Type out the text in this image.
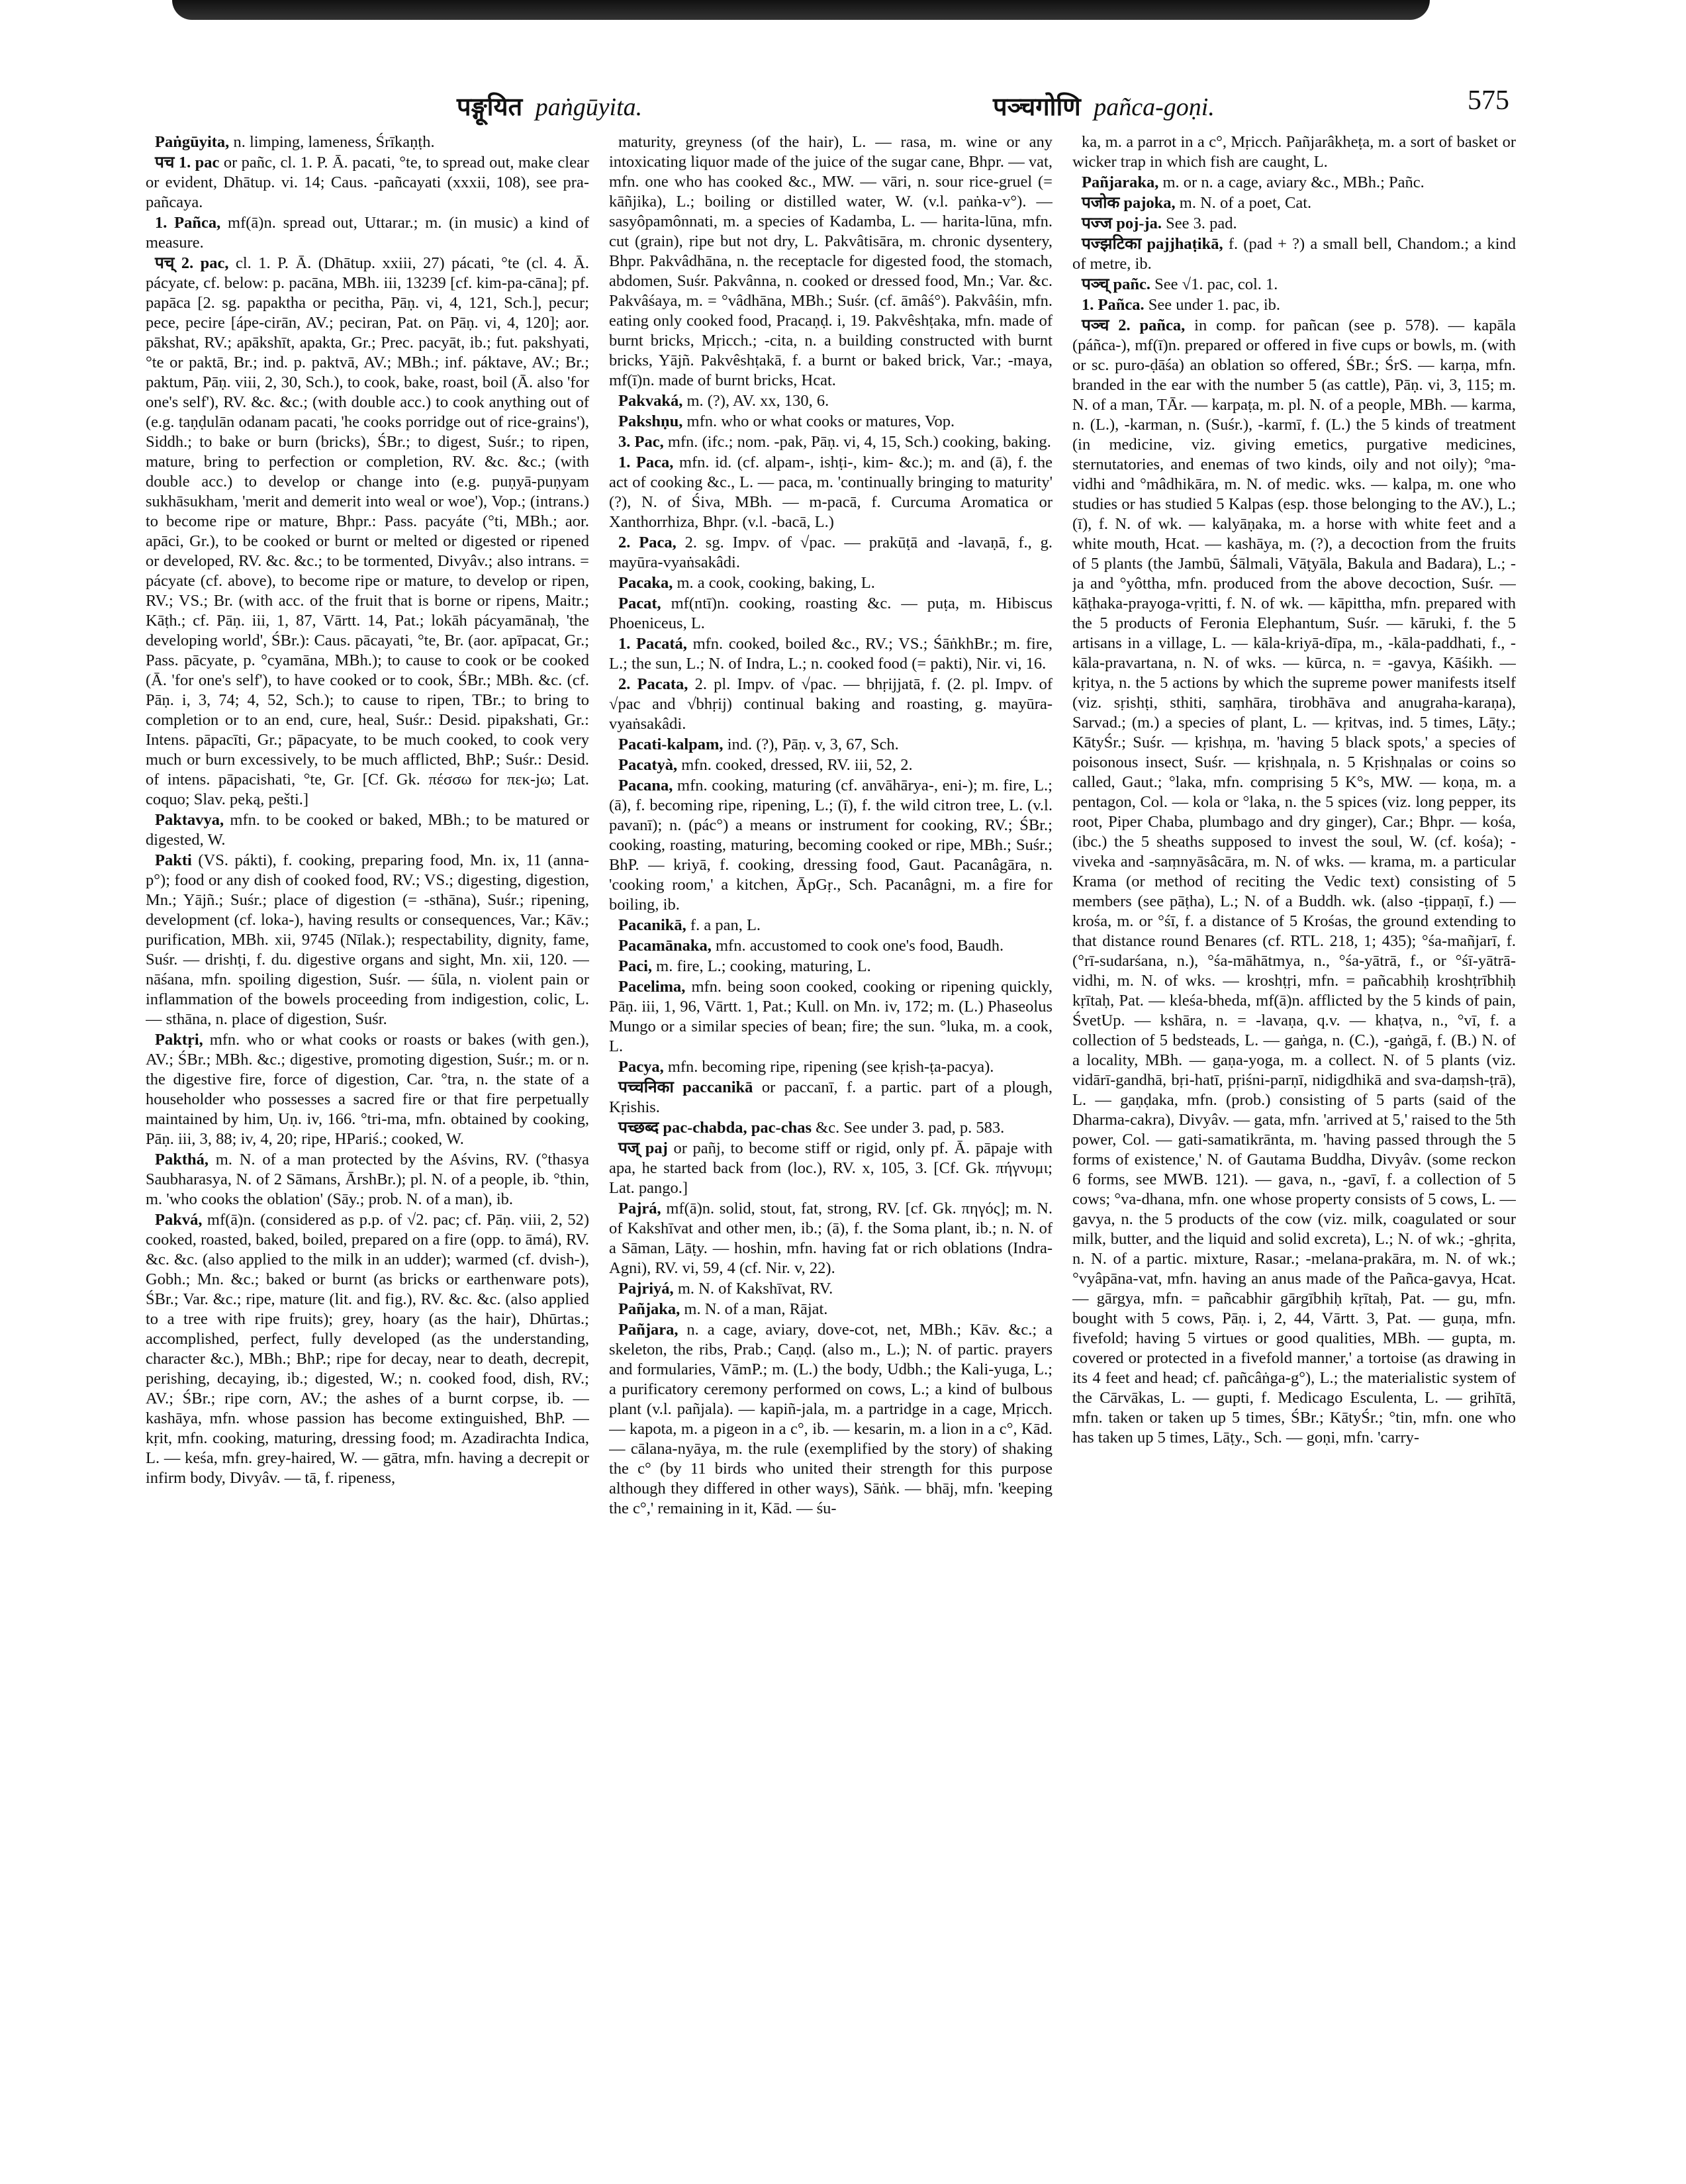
पङ्गूयित paṅgūyita.	पञ्चगोणि pañca-goṇi.	575

Paṅgūyita, n. limping, lameness, Śrīkaṇṭh.

पच 1. pac or pañc, cl. 1. P. Ā. pacati, °te, to spread out, make clear or evident, Dhātup. vi. 14; Caus. -pañcayati (xxxii, 108), see pra-pañcaya.

1. Pañca, mf(ā)n. spread out, Uttarar.; m. (in music) a kind of measure.

पच् 2. pac, cl. 1. P. Ā. (Dhātup. xxiii, 27) pácati, °te (cl. 4. Ā. pácyate, cf. below: p. pacāna, MBh. iii, 13239 [cf. kim-pa-cāna]; pf. papāca [2. sg. papaktha or pecitha, Pāṇ. vi, 4, 121, Sch.], pecur; pece, pecire [ápe-cirān, AV.; peciran, Pat. on Pāṇ. vi, 4, 120]; aor. pākshat, RV.; apākshīt, apakta, Gr.; Prec. pacyāt, ib.; fut. pakshyati, °te or paktā, Br.; ind. p. paktvā, AV.; MBh.; inf. páktave, AV.; Br.; paktum, Pāṇ. viii, 2, 30, Sch.), to cook, bake, roast, boil (Ā. also 'for one's self'), RV. &c. &c.; (with double acc.) to cook anything out of (e.g. taṇḍulān odanam pacati, 'he cooks porridge out of rice-grains'), Siddh.; to bake or burn (bricks), ŚBr.; to digest, Suśr.; to ripen, mature, bring to perfection or completion, RV. &c. &c.; (with double acc.) to develop or change into (e.g. puṇyā-puṇyam sukhāsukham, 'merit and demerit into weal or woe'), Vop.; (intrans.) to become ripe or mature, Bhpr.: Pass. pacyáte (°ti, MBh.; aor. apāci, Gr.), to be cooked or burnt or melted or digested or ripened or developed, RV. &c. &c.; to be tormented, Divyâv.; also intrans. = pácyate (cf. above), to become ripe or mature, to develop or ripen, RV.; VS.; Br. (with acc. of the fruit that is borne or ripens, Maitr.; Kāṭh.; cf. Pāṇ. iii, 1, 87, Vārtt. 14, Pat.; lokāh pácyamānaḥ, 'the developing world', ŚBr.): Caus. pācayati, °te, Br. (aor. apīpacat, Gr.; Pass. pācyate, p. °cyamāna, MBh.); to cause to cook or be cooked (Ā. 'for one's self'), to have cooked or to cook, ŚBr.; MBh. &c. (cf. Pāṇ. i, 3, 74; 4, 52, Sch.); to cause to ripen, TBr.; to bring to completion or to an end, cure, heal, Suśr.: Desid. pipakshati, Gr.: Intens. pāpacīti, Gr.; pāpacyate, to be much cooked, to cook very much or burn excessively, to be much afflicted, BhP.; Suśr.: Desid. of intens. pāpacishati, °te, Gr. [Cf. Gk. πέσσω for πεκ-jω; Lat. coquo; Slav. peką, pešti.]

Paktavya, mfn. to be cooked or baked, MBh.; to be matured or digested, W.

Pakti (VS. pákti), f. cooking, preparing food, Mn. ix, 11 (anna-p°); food or any dish of cooked food, RV.; VS.; digesting, digestion, Mn.; Yājñ.; Suśr.; place of digestion (= -sthāna), Suśr.; ripening, development (cf. loka-), having results or consequences, Var.; Kāv.; purification, MBh. xii, 9745 (Nīlak.); respectability, dignity, fame, Suśr. — drishṭi, f. du. digestive organs and sight, Mn. xii, 120. — nāśana, mfn. spoiling digestion, Suśr. — śūla, n. violent pain or inflammation of the bowels proceeding from indigestion, colic, L. — sthāna, n. place of digestion, Suśr.

Paktṛi, mfn. who or what cooks or roasts or bakes (with gen.), AV.; ŚBr.; MBh. &c.; digestive, promoting digestion, Suśr.; m. or n. the digestive fire, force of digestion, Car. °tra, n. the state of a householder who possesses a sacred fire or that fire perpetually maintained by him, Uṇ. iv, 166. °tri-ma, mfn. obtained by cooking, Pāṇ. iii, 3, 88; iv, 4, 20; ripe, HPariś.; cooked, W.

Pakthá, m. N. of a man protected by the Aśvins, RV. (°thasya Saubharasya, N. of 2 Sāmans, ĀrshBr.); pl. N. of a people, ib. °thin, m. 'who cooks the oblation' (Sāy.; prob. N. of a man), ib.

Pakvá, mf(ā)n. (considered as p.p. of √2. pac; cf. Pāṇ. viii, 2, 52) cooked, roasted, baked, boiled, prepared on a fire (opp. to āmá), RV. &c. &c. (also applied to the milk in an udder); warmed (cf. dvish-), Gobh.; Mn. &c.; baked or burnt (as bricks or earthenware pots), ŚBr.; Var. &c.; ripe, mature (lit. and fig.), RV. &c. &c. (also applied to a tree with ripe fruits); grey, hoary (as the hair), Dhūrtas.; accomplished, perfect, fully developed (as the understanding, character &c.), MBh.; BhP.; ripe for decay, near to death, decrepit, perishing, decaying, ib.; digested, W.; n. cooked food, dish, RV.; AV.; ŚBr.; ripe corn, AV.; the ashes of a burnt corpse, ib. — kashāya, mfn. whose passion has become extinguished, BhP. — kṛit, mfn. cooking, maturing, dressing food; m. Azadirachta Indica, L. — keśa, mfn. grey-haired, W. — gātra, mfn. having a decrepit or infirm body, Divyâv. — tā, f. ripeness,

maturity, greyness (of the hair), L. — rasa, m. wine or any intoxicating liquor made of the juice of the sugar cane, Bhpr. — vat, mfn. one who has cooked &c., MW. — vāri, n. sour rice-gruel (= kāñjika), L.; boiling or distilled water, W. (v.l. paṅka-v°). — sasyôpamônnati, m. a species of Kadamba, L. — harita-lūna, mfn. cut (grain), ripe but not dry, L. Pakvâtisāra, m. chronic dysentery, Bhpr. Pakvâdhāna, n. the receptacle for digested food, the stomach, abdomen, Suśr. Pakvânna, n. cooked or dressed food, Mn.; Var. &c. Pakvâśaya, m. = °vâdhāna, MBh.; Suśr. (cf. āmâś°). Pakvâśin, mfn. eating only cooked food, Pracaṇḍ. i, 19. Pakvêshṭaka, mfn. made of burnt bricks, Mṛicch.; -cita, n. a building constructed with burnt bricks, Yājñ. Pakvêshṭakā, f. a burnt or baked brick, Var.; -maya, mf(ī)n. made of burnt bricks, Hcat.

Pakvaká, m. (?), AV. xx, 130, 6.

Pakshṇu, mfn. who or what cooks or matures, Vop.

3. Pac, mfn. (ifc.; nom. -pak, Pāṇ. vi, 4, 15, Sch.) cooking, baking.

1. Paca, mfn. id. (cf. alpam-, ishṭi-, kim- &c.); m. and (ā), f. the act of cooking &c., L. — paca, m. 'continually bringing to maturity' (?), N. of Śiva, MBh. — m-pacā, f. Curcuma Aromatica or Xanthorrhiza, Bhpr. (v.l. -bacā, L.)

2. Paca, 2. sg. Impv. of √pac. — prakūṭā and -lavaṇā, f., g. mayūra-vyaṅsakâdi.

Pacaka, m. a cook, cooking, baking, L.

Pacat, mf(ntī)n. cooking, roasting &c. — puṭa, m. Hibiscus Phoeniceus, L.

1. Pacatá, mfn. cooked, boiled &c., RV.; VS.; ŚāṅkhBr.; m. fire, L.; the sun, L.; N. of Indra, L.; n. cooked food (= pakti), Nir. vi, 16.

2. Pacata, 2. pl. Impv. of √pac. — bhṛijjatā, f. (2. pl. Impv. of √pac and √bhṛij) continual baking and roasting, g. mayūra-vyaṅsakâdi.

Pacati-kalpam, ind. (?), Pāṇ. v, 3, 67, Sch.

Pacatyà, mfn. cooked, dressed, RV. iii, 52, 2.

Pacana, mfn. cooking, maturing (cf. anvāhārya-, eni-); m. fire, L.; (ā), f. becoming ripe, ripening, L.; (ī), f. the wild citron tree, L. (v.l. pavanī); n. (pác°) a means or instrument for cooking, RV.; ŚBr.; cooking, roasting, maturing, becoming cooked or ripe, MBh.; Suśr.; BhP. — kriyā, f. cooking, dressing food, Gaut. Pacanâgāra, n. 'cooking room,' a kitchen, ĀpGṛ., Sch. Pacanâgni, m. a fire for boiling, ib.

Pacanikā, f. a pan, L.

Pacamānaka, mfn. accustomed to cook one's food, Baudh.

Paci, m. fire, L.; cooking, maturing, L.

Pacelima, mfn. being soon cooked, cooking or ripening quickly, Pāṇ. iii, 1, 96, Vārtt. 1, Pat.; Kull. on Mn. iv, 172; m. (L.) Phaseolus Mungo or a similar species of bean; fire; the sun. °luka, m. a cook, L.

Pacya, mfn. becoming ripe, ripening (see kṛish-ṭa-pacya).

पच्चनिका paccanikā or paccanī, f. a partic. part of a plough, Kṛishis.

पच्छब्द pac-chabda, pac-chas &c. See under 3. pad, p. 583.

पज् paj or pañj, to become stiff or rigid, only pf. Ā. pāpaje with apa, he started back from (loc.), RV. x, 105, 3. [Cf. Gk. πήγνυμι; Lat. pango.]

Pajrá, mf(ā)n. solid, stout, fat, strong, RV. [cf. Gk. πηγός]; m. N. of Kakshīvat and other men, ib.; (ā), f. the Soma plant, ib.; n. N. of a Sāman, Lāṭy. — hoshin, mfn. having fat or rich oblations (Indra-Agni), RV. vi, 59, 4 (cf. Nir. v, 22).

Pajriyá, m. N. of Kakshīvat, RV.

Pañjaka, m. N. of a man, Rājat.

Pañjara, n. a cage, aviary, dove-cot, net, MBh.; Kāv. &c.; a skeleton, the ribs, Prab.; Caṇḍ. (also m., L.); N. of partic. prayers and formularies, VāmP.; m. (L.) the body, Udbh.; the Kali-yuga, L.; a purificatory ceremony performed on cows, L.; a kind of bulbous plant (v.l. pañjala). — kapiñ-jala, m. a partridge in a cage, Mṛicch. — kapota, m. a pigeon in a c°, ib. — kesarin, m. a lion in a c°, Kād. — cālana-nyāya, m. the rule (exemplified by the story) of shaking the c° (by 11 birds who united their strength for this purpose although they differed in other ways), Sāṅk. — bhāj, mfn. 'keeping the c°,' remaining in it, Kād. — śu-

ka, m. a parrot in a c°, Mṛicch. Pañjarâkheṭa, m. a sort of basket or wicker trap in which fish are caught, L.

Pañjaraka, m. or n. a cage, aviary &c., MBh.; Pañc.

पजोक pajoka, m. N. of a poet, Cat.

पज्ज poj-ja. See 3. pad.

पज्झटिका pajjhaṭikā, f. (pad + ?) a small bell, Chandom.; a kind of metre, ib.

पञ्च् pañc. See √1. pac, col. 1.

1. Pañca. See under 1. pac, ib.

पञ्च 2. pañca, in comp. for pañcan (see p. 578). — kapāla (páñca-), mf(ī)n. prepared or offered in five cups or bowls, m. (with or sc. puro-ḍāśa) an oblation so offered, ŚBr.; ŚrS. — karṇa, mfn. branded in the ear with the number 5 (as cattle), Pāṇ. vi, 3, 115; m. N. of a man, TĀr. — karpaṭa, m. pl. N. of a people, MBh. — karma, n. (L.), -karman, n. (Suśr.), -karmī, f. (L.) the 5 kinds of treatment (in medicine, viz. giving emetics, purgative medicines, sternutatories, and enemas of two kinds, oily and not oily); °ma-vidhi and °mâdhikāra, m. N. of medic. wks. — kalpa, m. one who studies or has studied 5 Kalpas (esp. those belonging to the AV.), L.; (ī), f. N. of wk. — kalyāṇaka, m. a horse with white feet and a white mouth, Hcat. — kashāya, m. (?), a decoction from the fruits of 5 plants (the Jambū, Śālmali, Vāṭyāla, Bakula and Badara), L.; -ja and °yôttha, mfn. produced from the above decoction, Suśr. — kāṭhaka-prayoga-vṛitti, f. N. of wk. — kāpittha, mfn. prepared with the 5 products of Feronia Elephantum, Suśr. — kāruki, f. the 5 artisans in a village, L. — kāla-kriyā-dīpa, m., -kāla-paddhati, f., -kāla-pravartana, n. N. of wks. — kūrca, n. = -gavya, Kāśikh. — kṛitya, n. the 5 actions by which the supreme power manifests itself (viz. sṛishṭi, sthiti, saṃhāra, tirobhāva and anugraha-karaṇa), Sarvad.; (m.) a species of plant, L. — kṛitvas, ind. 5 times, Lāṭy.; KātyŚr.; Suśr. — kṛishṇa, m. 'having 5 black spots,' a species of poisonous insect, Suśr. — kṛishṇala, n. 5 Kṛishṇalas or coins so called, Gaut.; °laka, mfn. comprising 5 K°s, MW. — koṇa, m. a pentagon, Col. — kola or °laka, n. the 5 spices (viz. long pepper, its root, Piper Chaba, plumbago and dry ginger), Car.; Bhpr. — kośa, (ibc.) the 5 sheaths supposed to invest the soul, W. (cf. kośa); -viveka and -saṃnyāsâcāra, m. N. of wks. — krama, m. a particular Krama (or method of reciting the Vedic text) consisting of 5 members (see pāṭha), L.; N. of a Buddh. wk. (also -ṭippaṇī, f.) — krośa, m. or °śī, f. a distance of 5 Krośas, the ground extending to that distance round Benares (cf. RTL. 218, 1; 435); °śa-mañjarī, f. (°rī-sudarśana, n.), °śa-māhātmya, n., °śa-yātrā, f., or °śī-yātrā-vidhi, m. N. of wks. — kroshṭṛi, mfn. = pañcabhiḥ kroshṭrībhiḥ kṛītaḥ, Pat. — kleśa-bheda, mf(ā)n. afflicted by the 5 kinds of pain, ŚvetUp. — kshāra, n. = -lavaṇa, q.v. — khaṭva, n., °vī, f. a collection of 5 bedsteads, L. — gaṅga, n. (C.), -gaṅgā, f. (B.) N. of a locality, MBh. — gaṇa-yoga, m. a collect. N. of 5 plants (viz. vidārī-gandhā, bṛi-hatī, pṛiśni-parṇī, nidigdhikā and sva-daṃsh-ṭrā), L. — gaṇḍaka, mfn. (prob.) consisting of 5 parts (said of the Dharma-cakra), Divyâv. — gata, mfn. 'arrived at 5,' raised to the 5th power, Col. — gati-samatikrānta, m. 'having passed through the 5 forms of existence,' N. of Gautama Buddha, Divyâv. (some reckon 6 forms, see MWB. 121). — gava, n., -gavī, f. a collection of 5 cows; °va-dhana, mfn. one whose property consists of 5 cows, L. — gavya, n. the 5 products of the cow (viz. milk, coagulated or sour milk, butter, and the liquid and solid excreta), L.; N. of wk.; -ghṛita, n. N. of a partic. mixture, Rasar.; -melana-prakāra, m. N. of wk.; °vyâpāna-vat, mfn. having an anus made of the Pañca-gavya, Hcat. — gārgya, mfn. = pañcabhir gārgībhiḥ kṛītaḥ, Pat. — gu, mfn. bought with 5 cows, Pāṇ. i, 2, 44, Vārtt. 3, Pat. — guṇa, mfn. fivefold; having 5 virtues or good qualities, MBh. — gupta, m. covered or protected in a fivefold manner,' a tortoise (as drawing in its 4 feet and head; cf. pañcâṅga-g°), L.; the materialistic system of the Cārvākas, L. — gupti, f. Medicago Esculenta, L. — grihītā, mfn. taken or taken up 5 times, ŚBr.; KātyŚr.; °tin, mfn. one who has taken up 5 times, Lāṭy., Sch. — goṇi, mfn. 'carry-
